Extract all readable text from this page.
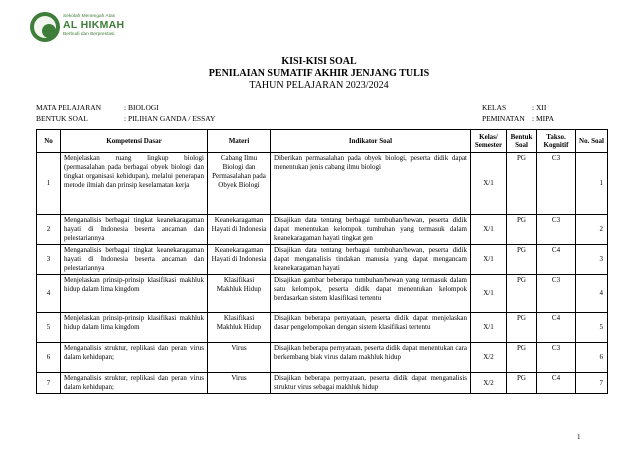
Sekolah Menengah Atas
AL HIKMAH
Berbudi dan Berprestasi
KISI-KISI SOAL
PENILAIAN SUMATIF AKHIR JENJANG TULIS
TAHUN PELAJARAN 2023/2024
MATA PELAJARAN	: BIOLOGI
BENTUK SOAL	: PILIHAN GANDA / ESSAY
KELAS	: XII
PEMINATAN : MIPA
No	Kompetensi Dasar	Materi	Indikator Soal	Kelas/ Semester	Bentuk Soal	Takso. Kognitif	No. Soal
1	Menjelaskan ruang lingkup biologi (permasalahan pada berbagai obyek biologi dan tingkat organisasi kehidupan), melalui penerapan metode ilmiah dan prinsip keselamatan kerja	Cabang Ilmu Biologi dan Permasalahan pada Obyek Biologi	Diberikan permasalahan pada obyek biologi, peserta didik dapat menentukan jenis cabang ilmu biologi	X/1	PG	C3	1
2	Menganalisis berbagai tingkat keanekaragaman hayati di Indonesia beserta ancaman dan pelestariannya	Keanekaragaman Hayati di Indonesia	Disajikan data tentang berbagai tumbuhan/hewan, peserta didik dapat menentukan kelompok tumbuhan yang termasuk dalam keanekaragaman hayati tingkat gen	X/1	PG	C3	2
3	Menganalisis berbagai tingkat keanekaragaman hayati di Indonesia beserta ancaman dan pelestariannya	Keanekaragaman Hayati di Indonesia	Disajikan data tentang berbagai tumbuhan/hewan, peserta didik dapat menganalisis tindakan manusia yang dapat mengancam keanekaragaman hayati	X/1	PG	C4	3
4	Menjelaskan prinsip-prinsip klasifikasi makhluk hidup dalam lima kingdom	Klasifikasi Makhluk Hidup	Disajikan gambar beberapa tumbuhan/hewan yang termasuk dalam satu kelompok, peserta didik dapat menentukan kelompok berdasarkan sistem klasifikasi tertentu	X/1	PG	C3	4
5	Menjelaskan prinsip-prinsip klasifikasi makhluk hidup dalam lima kingdom	Klasifikasi Makhluk Hidup	Disajikan beberapa pernyataan, peserta didik dapat menjelaskan dasar pengelompokan dengan sistem klasifikasi tertentu	X/1	PG	C4	5
6	Menganalisis struktur, replikasi dan peran virus dalam kehidupan;	Virus	Disajikan beberapa pernyataan, peserta didik dapat menentukan cara berkembang biak virus dalam makhluk hidup	X/2	PG	C3	6
7	Menganalisis struktur, replikasi dan peran virus dalam kehidupan;	Virus	Disajikan beberapa pernyataan, peserta didik dapat menganalisis struktur virus sebagai makhluk hidup	X/2	PG	C4	7
1
